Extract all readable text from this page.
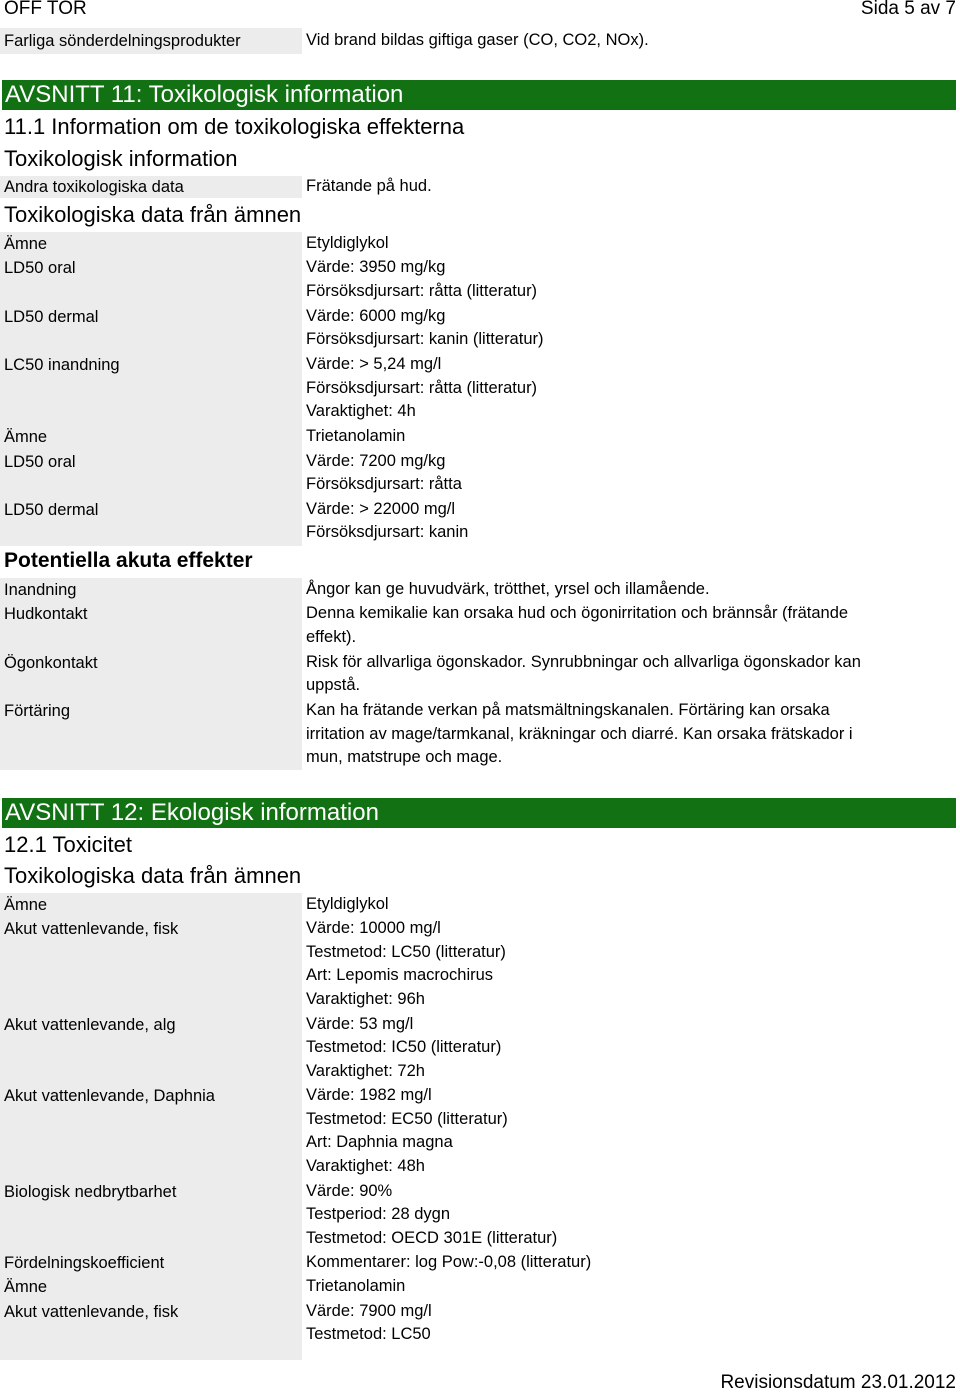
OFF TOR	Sida 5 av 7
Farliga sönderdelningsprodukter	Vid brand bildas giftiga gaser (CO, CO2, NOx).
AVSNITT 11: Toxikologisk information
11.1 Information om de toxikologiska effekterna
Toxikologisk information
Andra toxikologiska data	Frätande på hud.
Toxikologiska data från ämnen
Ämne	Etyldiglykol
LD50 oral	Värde: 3950 mg/kg
Försöksdjursart: råtta (litteratur)
LD50 dermal	Värde: 6000 mg/kg
Försöksdjursart: kanin (litteratur)
LC50 inandning	Värde: > 5,24 mg/l
Försöksdjursart: råtta (litteratur)
Varaktighet: 4h
Ämne	Trietanolamin
LD50 oral	Värde: 7200 mg/kg
Försöksdjursart: råtta
LD50 dermal	Värde: > 22000 mg/l
Försöksdjursart: kanin
Potentiella akuta effekter
Inandning	Ångor kan ge huvudvärk, trötthet, yrsel och illamående.
Hudkontakt	Denna kemikalie kan orsaka hud och ögonirritation och brännsår (frätande
effekt).
Ögonkontakt	Risk för allvarliga ögonskador. Synrubbningar och allvarliga ögonskador kan
uppstå.
Förtäring	Kan ha frätande verkan på matsmältningskanalen. Förtäring kan orsaka
irritation av mage/tarmkanal, kräkningar och diarré. Kan orsaka frätskador i
mun, matstrupe och mage.
AVSNITT 12: Ekologisk information
12.1 Toxicitet
Toxikologiska data från ämnen
Ämne	Etyldiglykol
Akut vattenlevande, fisk	Värde: 10000 mg/l
Testmetod: LC50 (litteratur)
Art: Lepomis macrochirus
Varaktighet: 96h
Akut vattenlevande, alg	Värde: 53 mg/l
Testmetod: IC50 (litteratur)
Varaktighet: 72h
Akut vattenlevande, Daphnia	Värde: 1982 mg/l
Testmetod: EC50 (litteratur)
Art: Daphnia magna
Varaktighet: 48h
Biologisk nedbrytbarhet	Värde: 90%
Testperiod: 28 dygn
Testmetod: OECD 301E (litteratur)
Fördelningskoefficient	Kommentarer: log Pow:-0,08 (litteratur)
Ämne	Trietanolamin
Akut vattenlevande, fisk	Värde: 7900 mg/l
Testmetod: LC50
Revisionsdatum 23.01.2012
